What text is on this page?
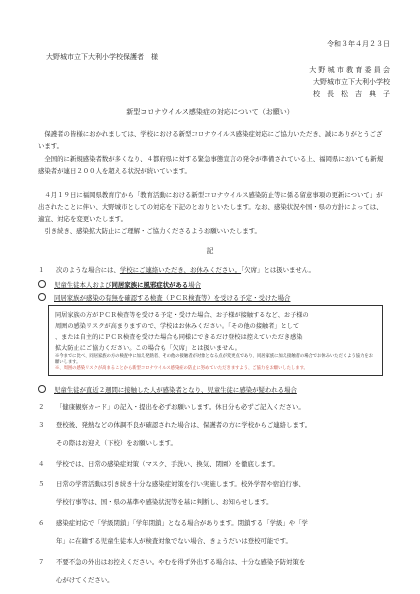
令和３年４月２３日
大野城市立下大利小学校保護者　様
大 野 城 市 教 育 委 員 会
大野城市立下大利小学校
校　長　松　吉　典　子
新型コロナウイルス感染症の対応について（お願い）
　保護者の皆様におかれましては、学校における新型コロナウイルス感染症対応にご協力いただき、誠にありがとうございます。
　全国的に新規感染者数が多くなり、４都府県に対する緊急事態宣言の発令が準備されている上、福岡県においても新規感染者が連日２００人を超える状況が続いています。
　４月１９日に福岡県教育庁から「教育活動における新型コロナウイルス感染防止等に係る留意事項の更新について」が出されたことに伴い、大野城市としての対応を下記のとおりといたします。なお、感染状況や国・県の方針によっては、適宜、対応を変更いたします。
　引き続き、感染拡大防止にご理解・ご協力くださるようお願いいたします。
記
１ 次のような場合には、学校にご連絡いただき、お休みください。「欠席」とは扱いません。
児童生徒本人および同居家族に風邪症状がある場合
同居家族が感染の有無を確認する検査（ＰＣＲ検査等）を受ける予定・受けた場合
同居家族の方がＰＣＲ検査等を受ける予定・受けた場合、お子様が接触するなど、お子様の
周囲の感染リスクが高まりますので、学校はお休みください。「その他の接触者」として
、または自主的にＰＣＲ検査を受けた場合も同様にできるだけ登校は控えていただき感染
拡大防止にご協力ください。この場合も「欠席」とは扱いません。
※今までに比べ、同居家族の方の検査中に加え発熱者、その他の接触者が対象となる点が変更点であり、同居家族に加え接触者の場合でお休みいただくよう協力をお願いします。
※、周囲の感染リスクが高まることから新型コロナウイルス感染症の防止に努めていただきますよう、ご協力をお願いしたします。
児童生徒が直近２週間に接触した人が感染者となり、児童生徒に感染が疑われる場合
２ 「健康観察カード」の記入・提出を必ずお願いします。休日分も必ずご記入ください。
３ 登校後、発熱などの体調不良が確認された場合は、保護者の方に学校からご連絡します。
その際はお迎え（下校）をお願いします。
４ 学校では、日常の感染症対策（マスク、手洗い、換気、閉園）を徹底します。
５ 日常の学習活動は引き続き十分な感染症対策を行い実施します。校外学習や宿泊行事、
学校行事等は、国・県の基準や感染状況等を基に判断し、お知らせします。
６ 感染症対応で「学級閉鎖」「学年閉鎖」となる場合があります。閉鎖する「学級」や「学
年」に在籍する児童生徒本人が検査対象でない場合、きょうだいは登校可能です。
７ 不要不急の外出はお控えください。やむを得ず外出する場合は、十分な感染予防対策を
心がけてください。
